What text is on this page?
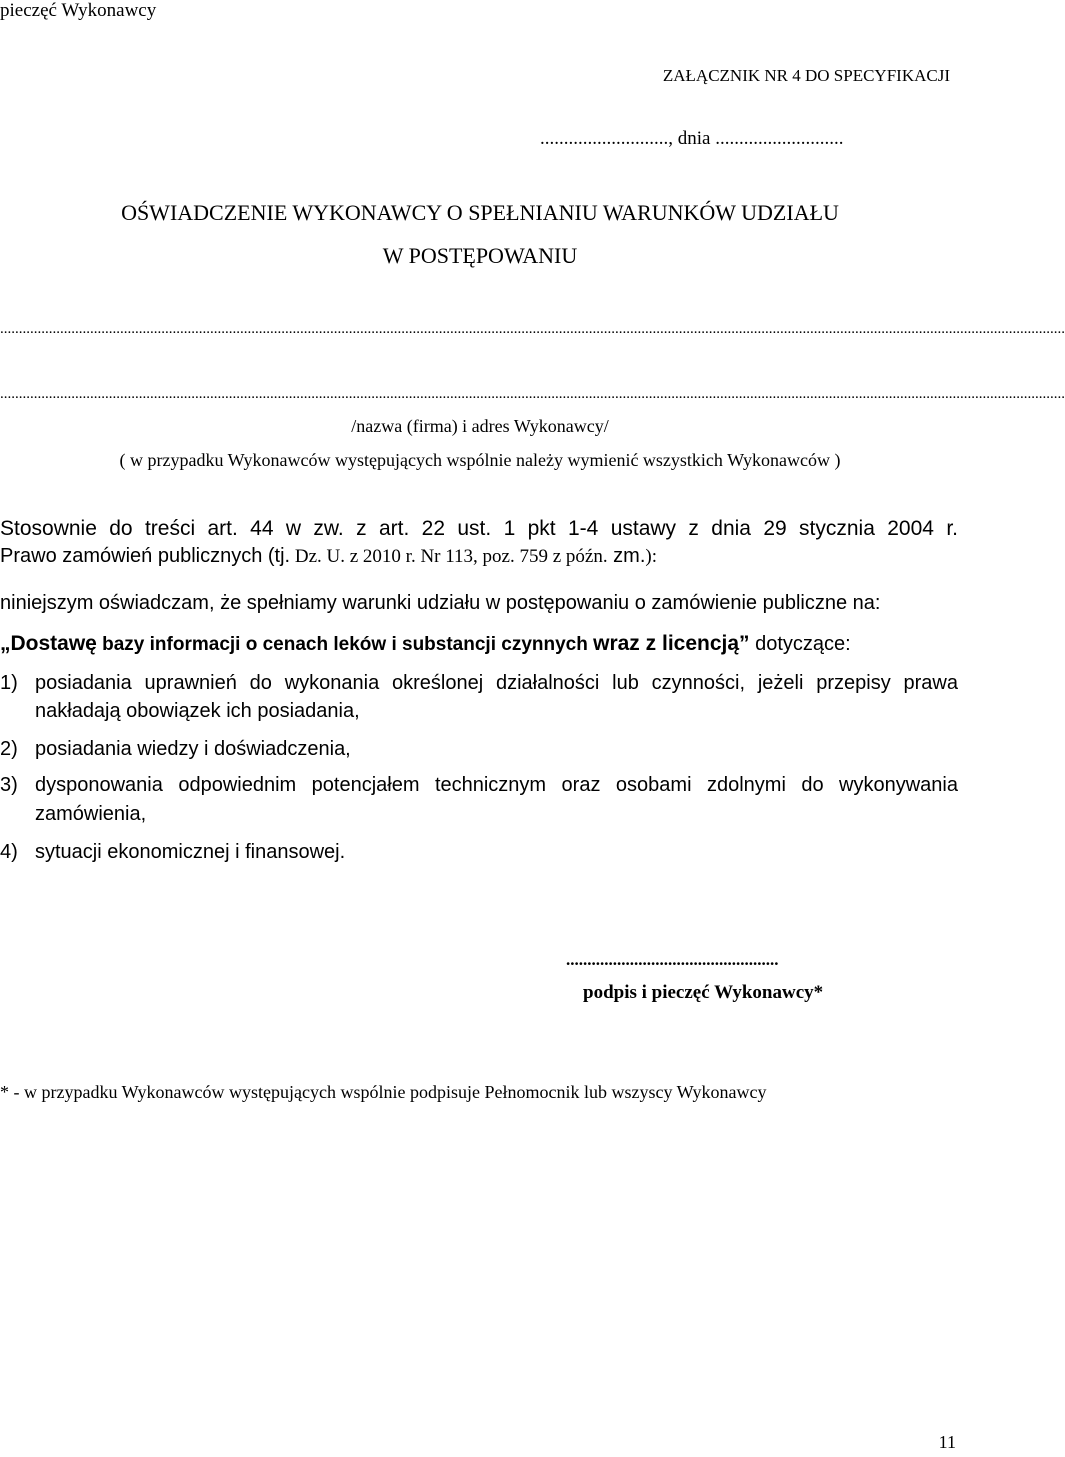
pieczęć Wykonawcy
ZAŁĄCZNIK NR 4 DO SPECYFIKACJI
..........................., dnia ...........................
OŚWIADCZENIE WYKONAWCY O SPEŁNIANIU WARUNKÓW UDZIAŁU
W POSTĘPOWANIU
............................................................................................................................................................................................................................................................................................
............................................................................................................................................................................................................................................................................................
/nazwa (firma) i adres Wykonawcy/
( w przypadku Wykonawców występujących wspólnie należy wymienić wszystkich Wykonawców )
Stosownie do treści art. 44 w zw. z art. 22 ust. 1 pkt 1-4 ustawy z dnia 29 stycznia 2004 r.
Prawo zamówień publicznych (tj. Dz. U. z 2010 r. Nr 113, poz. 759 z późn. zm.):
niniejszym oświadczam, że spełniamy warunki udziału w postępowaniu o zamówienie publiczne na:
„Dostawę bazy informacji o cenach leków i substancji czynnych wraz z licencją” dotyczące:
1) posiadania uprawnień do wykonania określonej działalności lub czynności, jeżeli przepisy prawa
nakładają obowiązek ich posiadania,
2) posiadania wiedzy i doświadczenia,
3) dysponowania odpowiednim potencjałem technicznym oraz osobami zdolnymi do wykonywania
zamówienia,
4) sytuacji ekonomicznej i finansowej.
..................................................
podpis i pieczęć Wykonawcy*
* - w przypadku Wykonawców występujących wspólnie podpisuje Pełnomocnik lub wszyscy Wykonawcy
11
